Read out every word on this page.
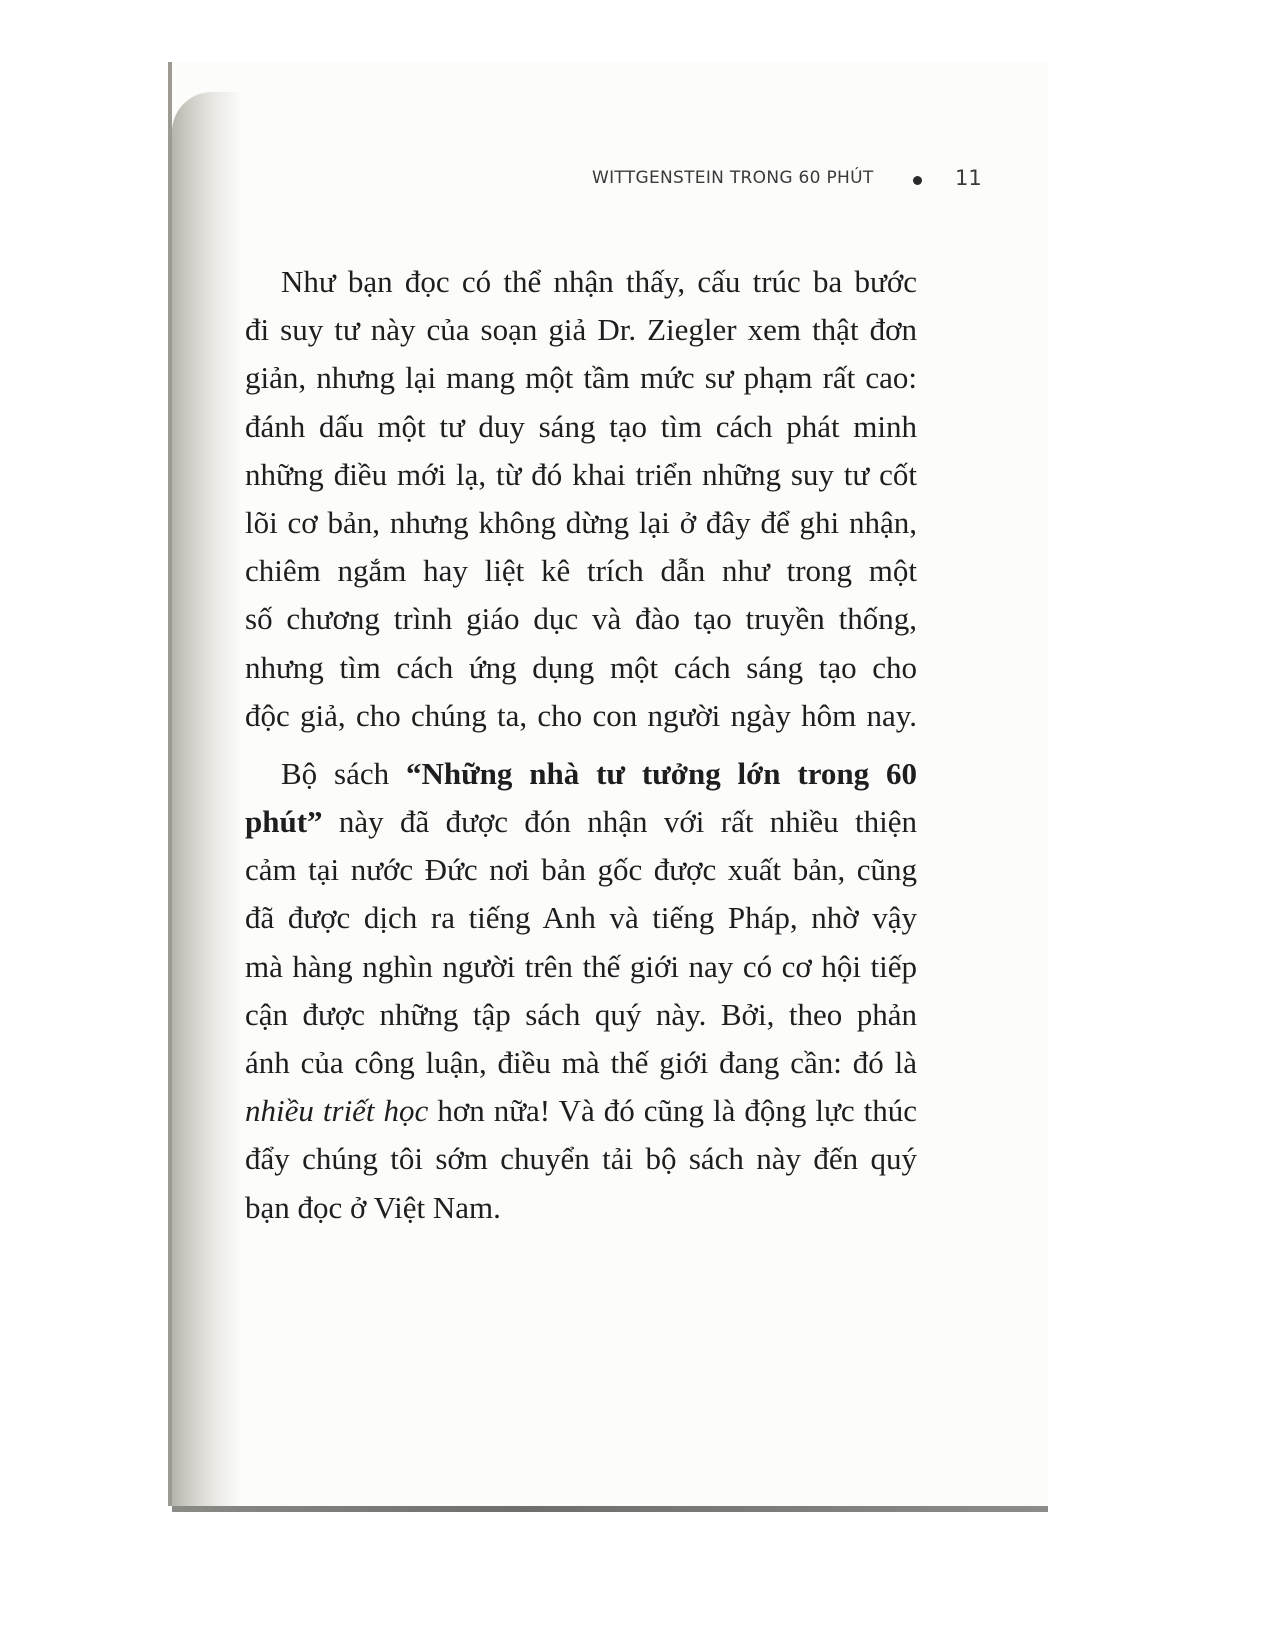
WITTGENSTEIN TRONG 60 PHÚT	11
Như bạn đọc có thể nhận thấy, cấu trúc ba bước
đi suy tư này của soạn giả Dr. Ziegler xem thật đơn
giản, nhưng lại mang một tầm mức sư phạm rất cao:
đánh dấu một tư duy sáng tạo tìm cách phát minh
những điều mới lạ, từ đó khai triển những suy tư cốt
lõi cơ bản, nhưng không dừng lại ở đây để ghi nhận,
chiêm ngắm hay liệt kê trích dẫn như trong một
số chương trình giáo dục và đào tạo truyền thống,
nhưng tìm cách ứng dụng một cách sáng tạo cho
độc giả, cho chúng ta, cho con người ngày hôm nay.
Bộ sách “Những nhà tư tưởng lớn trong 60
phút” này đã được đón nhận với rất nhiều thiện
cảm tại nước Đức nơi bản gốc được xuất bản, cũng
đã được dịch ra tiếng Anh và tiếng Pháp, nhờ vậy
mà hàng nghìn người trên thế giới nay có cơ hội tiếp
cận được những tập sách quý này. Bởi, theo phản
ánh của công luận, điều mà thế giới đang cần: đó là
nhiều triết học hơn nữa! Và đó cũng là động lực thúc
đẩy chúng tôi sớm chuyển tải bộ sách này đến quý
bạn đọc ở Việt Nam.
